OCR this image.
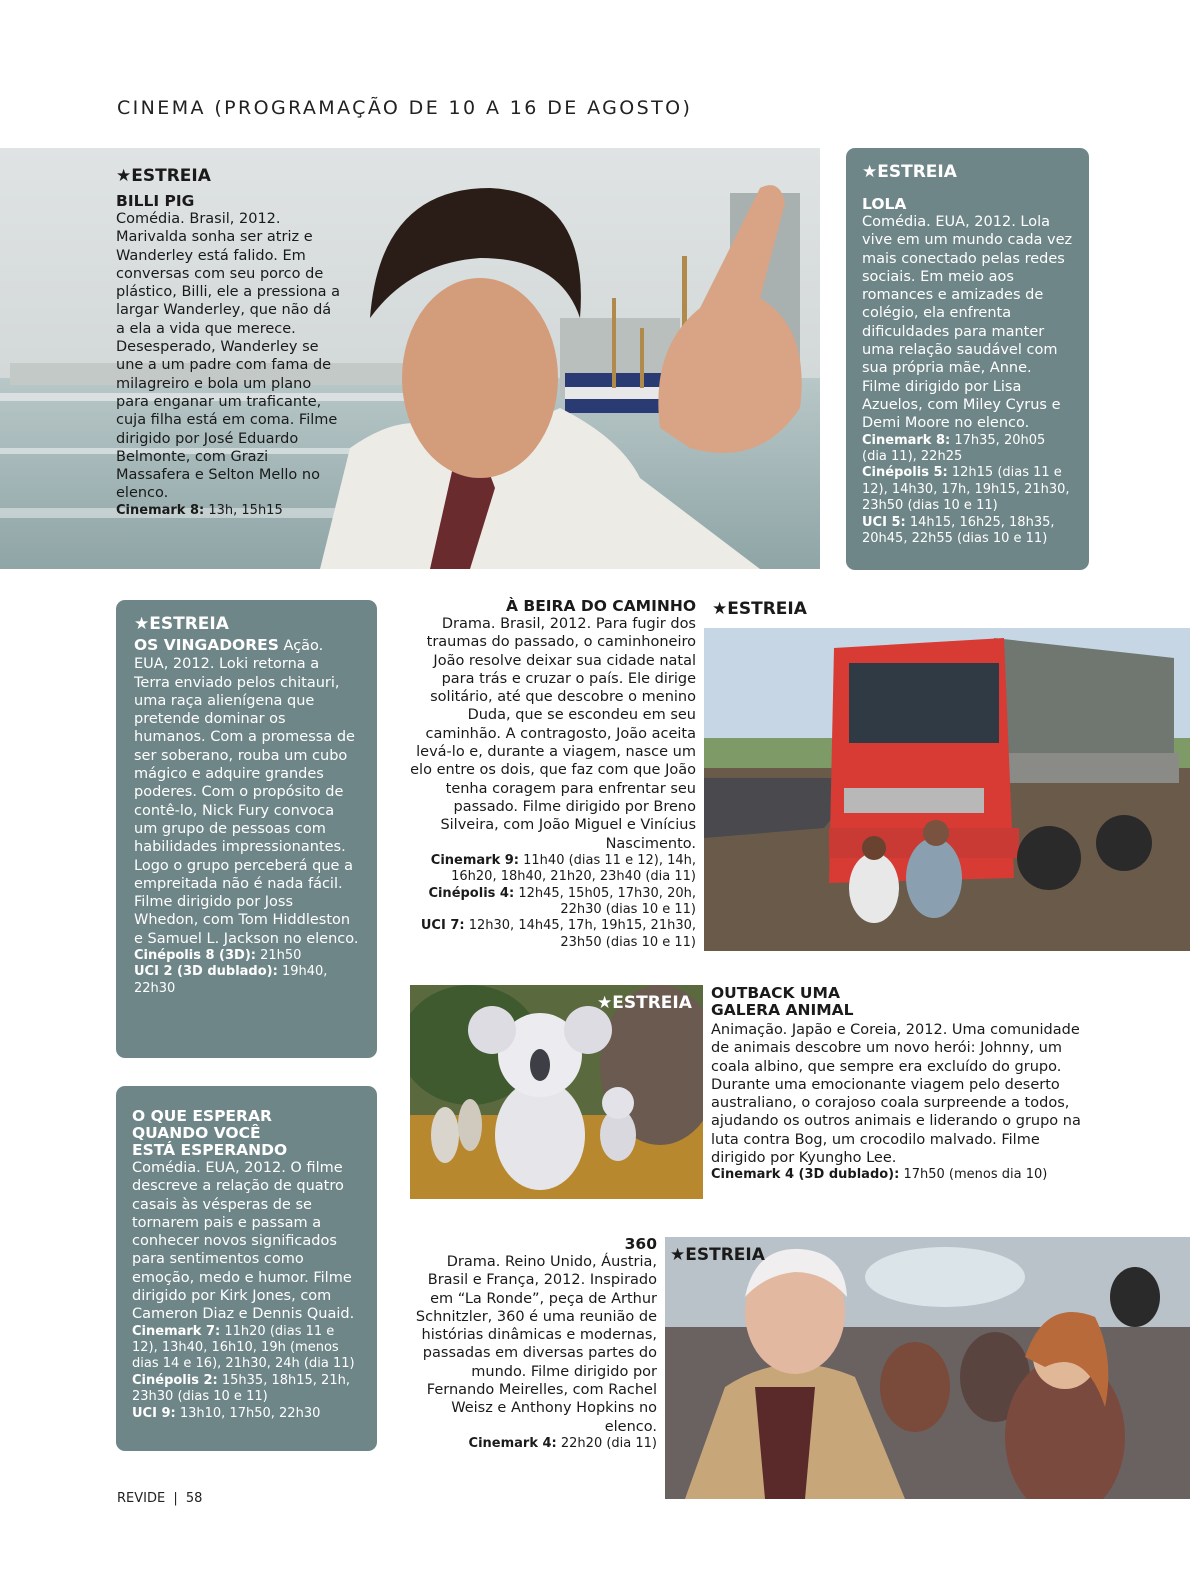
CINEMA (PROGRAMAÇÃO DE 10 A 16 DE AGOSTO)
★ESTREIA
BILLI PIG
Comédia. Brasil, 2012. Marivalda sonha ser atriz e Wanderley está falido. Em conversas com seu porco de plástico, Billi, ele a pressiona a largar Wanderley, que não dá a ela a vida que merece. Desesperado, Wanderley se une a um padre com fama de milagreiro e bola um plano para enganar um traficante, cuja filha está em coma. Filme dirigido por José Eduardo Belmonte, com Grazi Massafera e Selton Mello no elenco.
Cinemark 8: 13h, 15h15
★ESTREIA
LOLA
Comédia. EUA, 2012. Lola vive em um mundo cada vez mais conectado pelas redes sociais. Em meio aos romances e amizades de colégio, ela enfrenta dificuldades para manter uma relação saudável com sua própria mãe, Anne. Filme dirigido por Lisa Azuelos, com Miley Cyrus e Demi Moore no elenco.
Cinemark 8: 17h35, 20h05 (dia 11), 22h25
Cinépolis 5: 12h15 (dias 11 e 12), 14h30, 17h, 19h15, 21h30, 23h50 (dias 10 e 11)
UCI 5: 14h15, 16h25, 18h35, 20h45, 22h55 (dias 10 e 11)
★ESTREIA
OS VINGADORES Ação. EUA, 2012. Loki retorna a Terra enviado pelos chitauri, uma raça alienígena que pretende dominar os humanos. Com a promessa de ser soberano, rouba um cubo mágico e adquire grandes poderes. Com o propósito de contê-lo, Nick Fury convoca um grupo de pessoas com habilidades impressionantes. Logo o grupo perceberá que a empreitada não é nada fácil. Filme dirigido por Joss Whedon, com Tom Hiddleston e Samuel L. Jackson no elenco.
Cinépolis 8 (3D): 21h50
UCI 2 (3D dublado): 19h40, 22h30
À BEIRA DO CAMINHO
Drama. Brasil, 2012. Para fugir dos traumas do passado, o caminhoneiro João resolve deixar sua cidade natal para trás e cruzar o país. Ele dirige solitário, até que descobre o menino Duda, que se escondeu em seu caminhão. A contragosto, João aceita levá-lo e, durante a viagem, nasce um elo entre os dois, que faz com que João tenha coragem para enfrentar seu passado. Filme dirigido por Breno Silveira, com João Miguel e Vinícius Nascimento.
Cinemark 9: 11h40 (dias 11 e 12), 14h, 16h20, 18h40, 21h20, 23h40 (dia 11)
Cinépolis 4: 12h45, 15h05, 17h30, 20h, 22h30 (dias 10 e 11)
UCI 7: 12h30, 14h45, 17h, 19h15, 21h30, 23h50 (dias 10 e 11)
★ESTREIA
★ESTREIA OUTBACK UMA GALERA ANIMAL
Animação. Japão e Coreia, 2012. Uma comunidade de animais descobre um novo herói: Johnny, um coala albino, que sempre era excluído do grupo. Durante uma emocionante viagem pelo deserto australiano, o corajoso coala surpreende a todos, ajudando os outros animais e liderando o grupo na luta contra Bog, um crocodilo malvado. Filme dirigido por Kyungho Lee.
Cinemark 4 (3D dublado): 17h50 (menos dia 10)
O QUE ESPERAR QUANDO VOCÊ ESTÁ ESPERANDO
Comédia. EUA, 2012. O filme descreve a relação de quatro casais às vésperas de se tornarem pais e passam a conhecer novos significados para sentimentos como emoção, medo e humor. Filme dirigido por Kirk Jones, com Cameron Diaz e Dennis Quaid.
Cinemark 7: 11h20 (dias 11 e 12), 13h40, 16h10, 19h (menos dias 14 e 16), 21h30, 24h (dia 11)
Cinépolis 2: 15h35, 18h15, 21h, 23h30 (dias 10 e 11)
UCI 9: 13h10, 17h50, 22h30
360
Drama. Reino Unido, Áustria, Brasil e França, 2012. Inspirado em “La Ronde”, peça de Arthur Schnitzler, 360 é uma reunião de histórias dinâmicas e modernas, passadas em diversas partes do mundo. Filme dirigido por Fernando Meirelles, com Rachel Weisz e Anthony Hopkins no elenco.
Cinemark 4: 22h20 (dia 11)
★ESTREIA
REVIDE | 58
